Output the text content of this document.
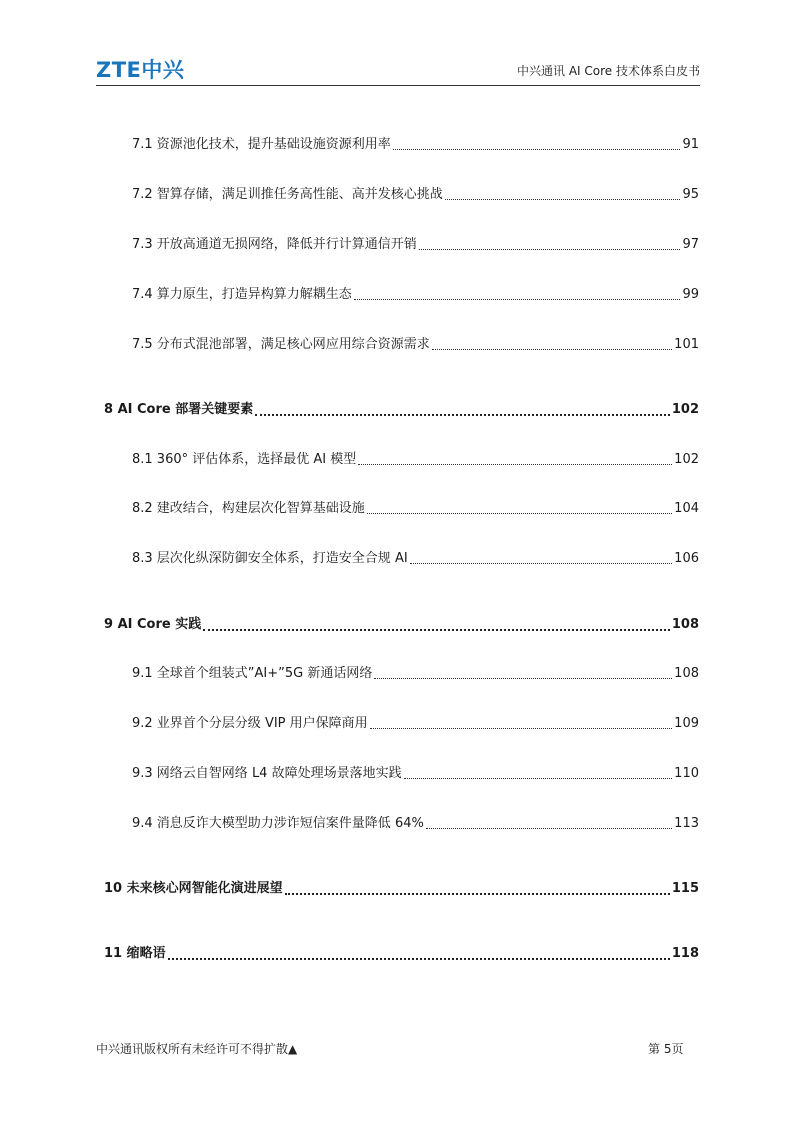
ZTE中兴	中兴通讯 AI Core 技术体系白皮书
7.1 资源池化技术，提升基础设施资源利用率	91
7.2 智算存储，满足训推任务高性能、高并发核心挑战	95
7.3 开放高通道无损网络，降低并行计算通信开销	97
7.4 算力原生，打造异构算力解耦生态	99
7.5 分布式混池部署，满足核心网应用综合资源需求	101
8 AI Core 部署关键要素	102
8.1 360° 评估体系，选择最优 AI 模型	102
8.2 建改结合，构建层次化智算基础设施	104
8.3 层次化纵深防御安全体系，打造安全合规 AI	106
9 AI Core 实践	108
9.1 全球首个组装式”AI+”5G 新通话网络	108
9.2 业界首个分层分级 VIP 用户保障商用	109
9.3 网络云自智网络 L4 故障处理场景落地实践	110
9.4 消息反诈大模型助力涉诈短信案件量降低 64%	113
10 未来核心网智能化演进展望	115
11 缩略语	118
中兴通讯版权所有未经许可不得扩散▲	第 5页
